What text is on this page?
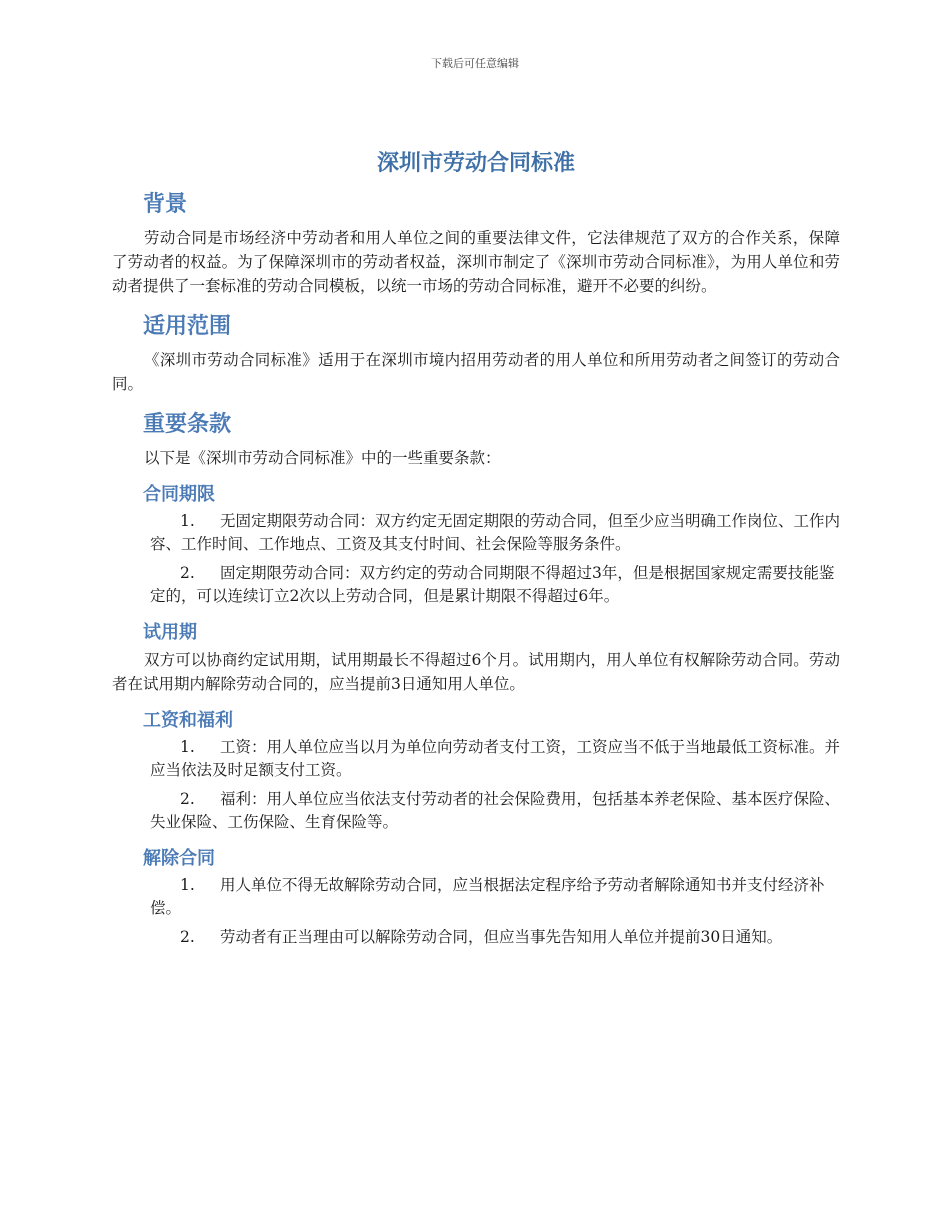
下载后可任意编辑
深圳市劳动合同标准
背景

劳动合同是市场经济中劳动者和用人单位之间的重要法律文件，它法律规范了双方的合作关系，保障了劳动者的权益。为了保障深圳市的劳动者权益，深圳市制定了《深圳市劳动合同标准》，为用人单位和劳动者提供了一套标准的劳动合同模板，以统一市场的劳动合同标准，避开不必要的纠纷。

适用范围

《深圳市劳动合同标准》适用于在深圳市境内招用劳动者的用人单位和所用劳动者之间签订的劳动合同。

重要条款

以下是《深圳市劳动合同标准》中的一些重要条款：

合同期限
1. 无固定期限劳动合同：双方约定无固定期限的劳动合同，但至少应当明确工作岗位、工作内容、工作时间、工作地点、工资及其支付时间、社会保险等服务条件。
2. 固定期限劳动合同：双方约定的劳动合同期限不得超过3年，但是根据国家规定需要技能鉴定的，可以连续订立2次以上劳动合同，但是累计期限不得超过6年。
试用期

双方可以协商约定试用期，试用期最长不得超过6个月。试用期内，用人单位有权解除劳动合同。劳动者在试用期内解除劳动合同的，应当提前3日通知用人单位。

工资和福利
1. 工资：用人单位应当以月为单位向劳动者支付工资，工资应当不低于当地最低工资标准。并应当依法及时足额支付工资。
2. 福利：用人单位应当依法支付劳动者的社会保险费用，包括基本养老保险、基本医疗保险、失业保险、工伤保险、生育保险等。
解除合同
1. 用人单位不得无故解除劳动合同，应当根据法定程序给予劳动者解除通知书并支付经济补偿。
2. 劳动者有正当理由可以解除劳动合同，但应当事先告知用人单位并提前30日通知。
